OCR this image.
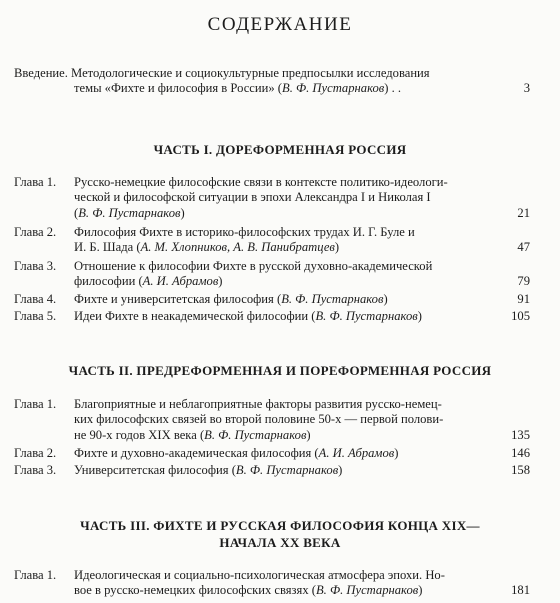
СОДЕРЖАНИЕ
Введение. Методологические и социокультурные предпосылки исследования
темы «Фихте и философия в России» (В. Ф. Пустарнаков) . .	3
ЧАСТЬ I. ДОРЕФОРМЕННАЯ РОССИЯ
Глава 1. Русско-немецкие философские связи в контексте политико-идеологи-
ческой и философской ситуации в эпохи Александра I и Николая I
(В. Ф. Пустарнаков)	21
Глава 2. Философия Фихте в историко-философских трудах И. Г. Буле и
И. Б. Шада (А. М. Хлопников, А. В. Панибратцев)	47
Глава 3. Отношение к философии Фихте в русской духовно-академической
философии (А. И. Абрамов)	79
Глава 4. Фихте и университетская философия (В. Ф. Пустарнаков)	91
Глава 5. Идеи Фихте в неакадемической философии (В. Ф. Пустарнаков)	105
ЧАСТЬ II. ПРЕДРЕФОРМЕННАЯ И ПОРЕФОРМЕННАЯ РОССИЯ
Глава 1. Благоприятные и неблагоприятные факторы развития русско-немец-
ких философских связей во второй половине 50-х — первой полови-
не 90-х годов XIX века (В. Ф. Пустарнаков)	135
Глава 2. Фихте и духовно-академическая философия (А. И. Абрамов)	146
Глава 3. Университетская философия (В. Ф. Пустарнаков)	158
ЧАСТЬ III. ФИХТЕ И РУССКАЯ ФИЛОСОФИЯ КОНЦА XIX—
НАЧАЛА XX ВЕКА
Глава 1. Идеологическая и социально-психологическая атмосфера эпохи. Но-
вое в русско-немецких философских связях (В. Ф. Пустарнаков)	181
